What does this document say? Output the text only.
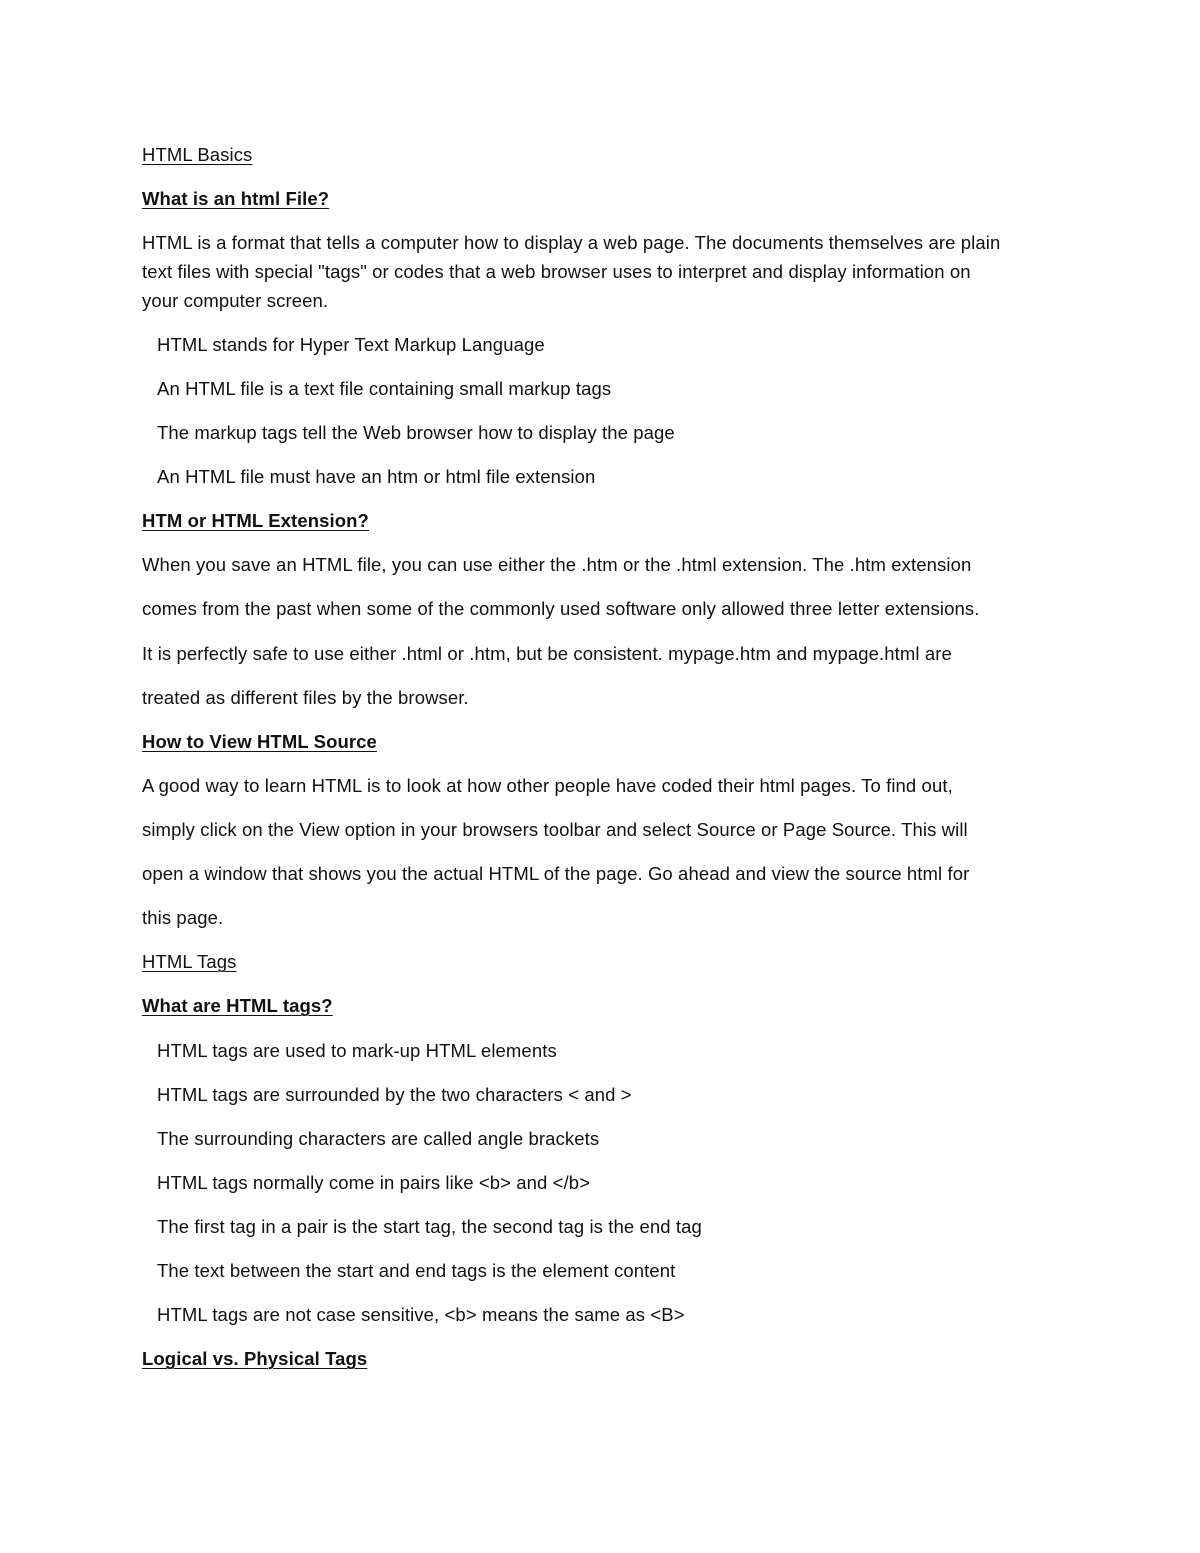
HTML Basics
What is an html File?
HTML is a format that tells a computer how to display a web page. The documents themselves are plain
text files with special "tags" or codes that a web browser uses to interpret and display information on
your computer screen.
HTML stands for Hyper Text Markup Language
An HTML file is a text file containing small markup tags
The markup tags tell the Web browser how to display the page
An HTML file must have an htm or html file extension
HTM or HTML Extension?
When you save an HTML file, you can use either the .htm or the .html extension. The .htm extension
comes from the past when some of the commonly used software only allowed three letter extensions.
It is perfectly safe to use either .html or .htm, but be consistent. mypage.htm and mypage.html are
treated as different files by the browser.
How to View HTML Source
A good way to learn HTML is to look at how other people have coded their html pages. To find out,
simply click on the View option in your browsers toolbar and select Source or Page Source. This will
open a window that shows you the actual HTML of the page. Go ahead and view the source html for
this page.
HTML Tags
What are HTML tags?
HTML tags are used to mark-up HTML elements
HTML tags are surrounded by the two characters < and >
The surrounding characters are called angle brackets
HTML tags normally come in pairs like <b> and </b>
The first tag in a pair is the start tag, the second tag is the end tag
The text between the start and end tags is the element content
HTML tags are not case sensitive, <b> means the same as <B>
Logical vs. Physical Tags
